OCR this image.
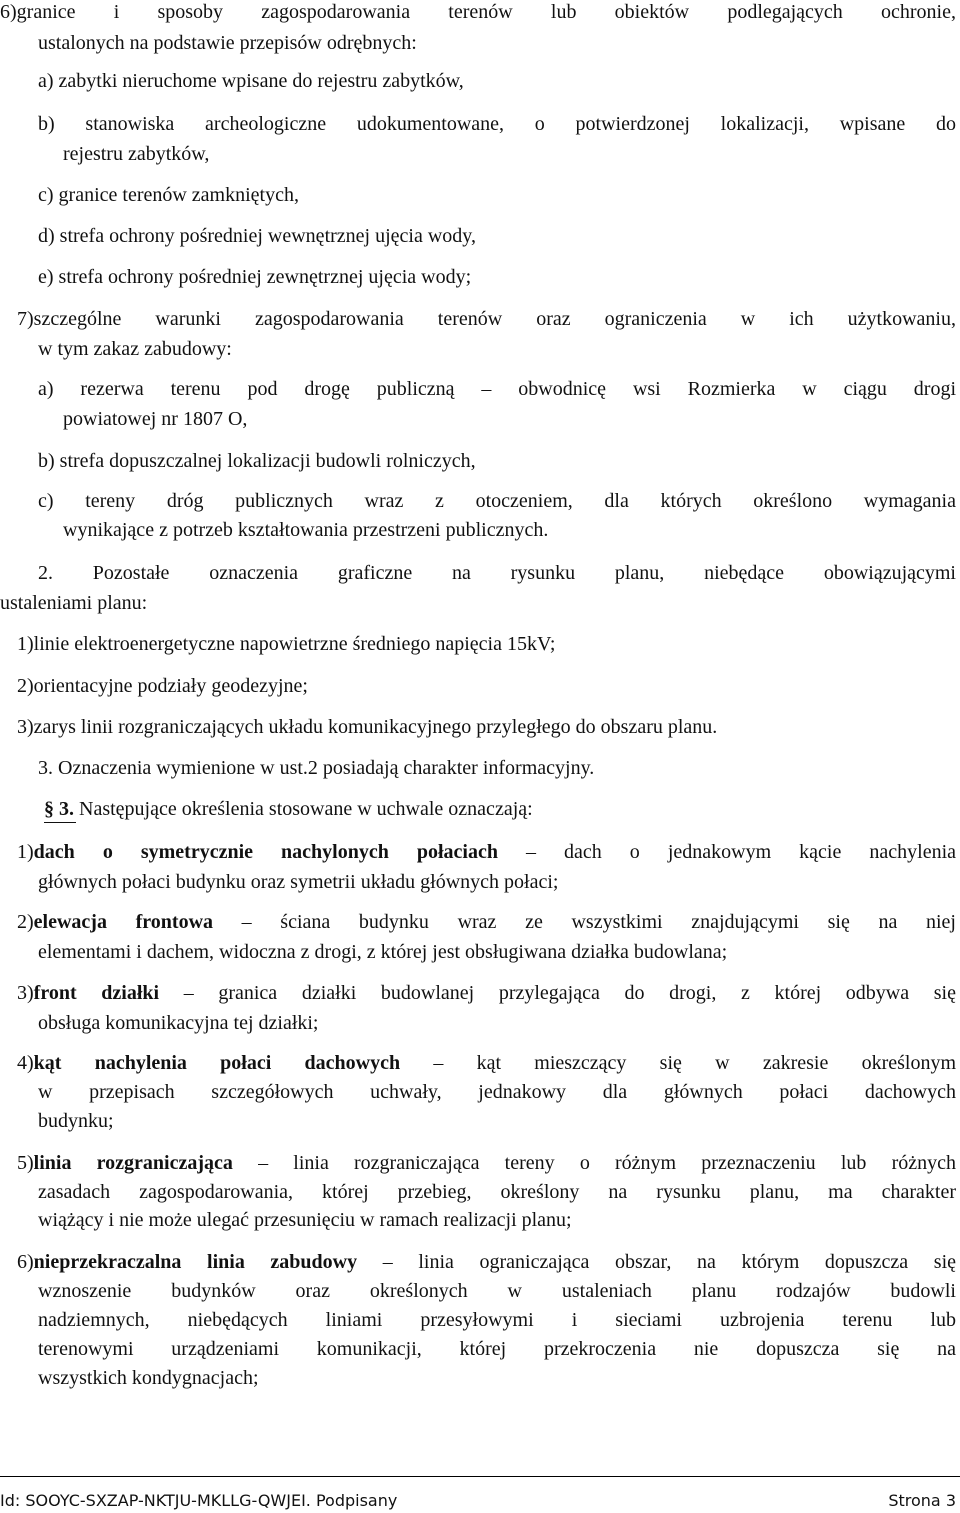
6)granice i sposoby zagospodarowania terenów lub obiektów podlegających ochronie,
ustalonych na podstawie przepisów odrębnych:
a) zabytki nieruchome wpisane do rejestru zabytków,
b) stanowiska archeologiczne udokumentowane, o potwierdzonej lokalizacji, wpisane do
rejestru zabytków,
c) granice terenów zamkniętych,
d) strefa ochrony pośredniej wewnętrznej ujęcia wody,
e) strefa ochrony pośredniej zewnętrznej ujęcia wody;
7)szczególne warunki zagospodarowania terenów oraz ograniczenia w ich użytkowaniu,
w tym zakaz zabudowy:
a) rezerwa terenu pod drogę publiczną – obwodnicę wsi Rozmierka w ciągu drogi
powiatowej nr 1807 O,
b) strefa dopuszczalnej lokalizacji budowli rolniczych,
c) tereny dróg publicznych wraz z otoczeniem, dla których określono wymagania
wynikające z potrzeb kształtowania przestrzeni publicznych.
2. Pozostałe oznaczenia graficzne na rysunku planu, niebędące obowiązującymi
ustaleniami planu:
1)linie elektroenergetyczne napowietrzne średniego napięcia 15kV;
2)orientacyjne podziały geodezyjne;
3)zarys linii rozgraniczających układu komunikacyjnego przyległego do obszaru planu.
3. Oznaczenia wymienione w ust.2 posiadają charakter informacyjny.
§ 3. Następujące określenia stosowane w uchwale oznaczają:
1)dach o symetrycznie nachylonych połaciach – dach o jednakowym kącie nachylenia
głównych połaci budynku oraz symetrii układu głównych połaci;
2)elewacja frontowa – ściana budynku wraz ze wszystkimi znajdującymi się na niej
elementami i dachem, widoczna z drogi, z której jest obsługiwana działka budowlana;
3)front działki – granica działki budowlanej przylegająca do drogi, z której odbywa się
obsługa komunikacyjna tej działki;
4)kąt nachylenia połaci dachowych – kąt mieszczący się w zakresie określonym
w przepisach szczegółowych uchwały, jednakowy dla głównych połaci dachowych
budynku;
5)linia rozgraniczająca – linia rozgraniczająca tereny o różnym przeznaczeniu lub różnych
zasadach zagospodarowania, której przebieg, określony na rysunku planu, ma charakter
wiążący i nie może ulegać przesunięciu w ramach realizacji planu;
6)nieprzekraczalna linia zabudowy – linia ograniczająca obszar, na którym dopuszcza się
wznoszenie budynków oraz określonych w ustaleniach planu rodzajów budowli
nadziemnych, niebędących liniami przesyłowymi i sieciami uzbrojenia terenu lub
terenowymi urządzeniami komunikacji, której przekroczenia nie dopuszcza się na
wszystkich kondygnacjach;
Id: SOOYC-SXZAP-NKTJU-MKLLG-QWJEI. Podpisany	Strona 3
